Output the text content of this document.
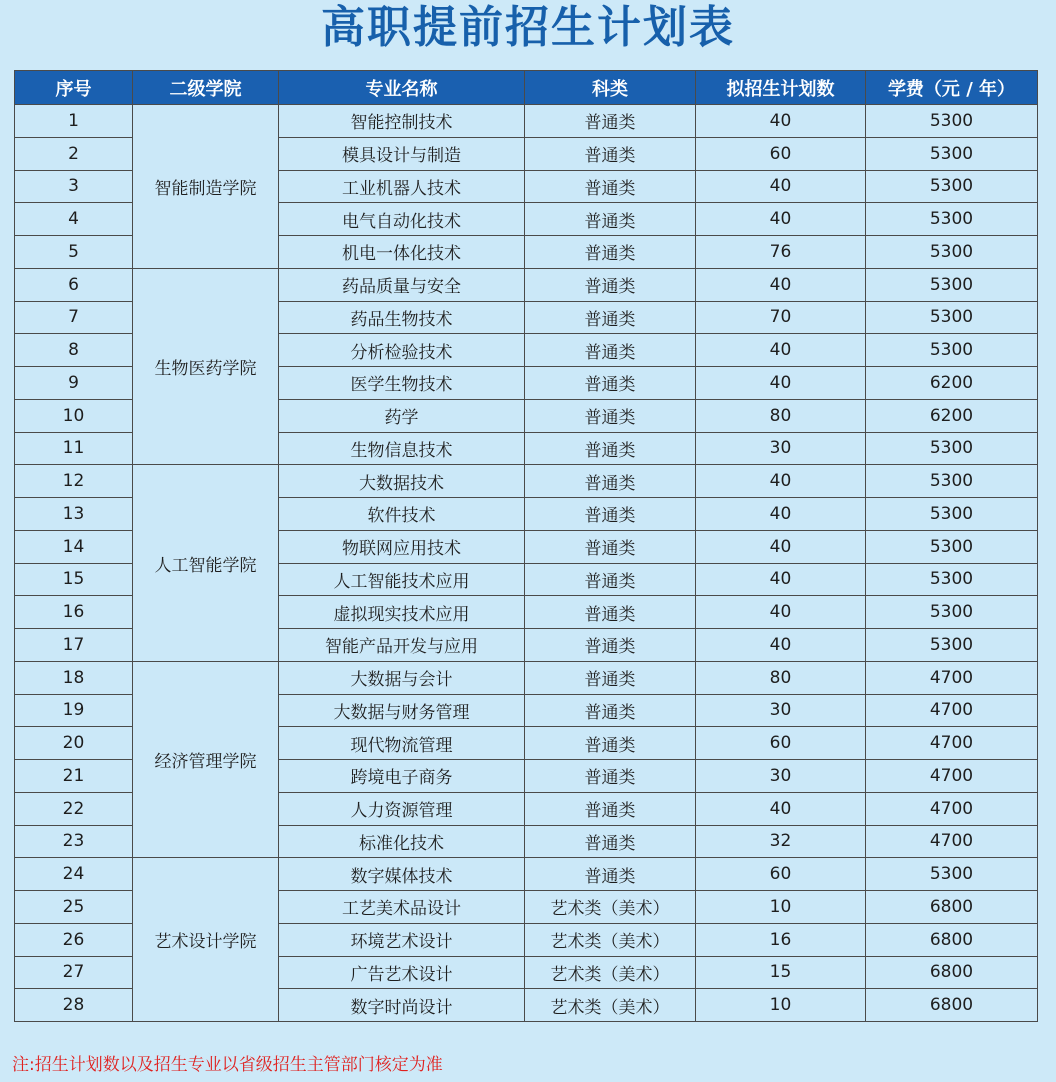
高职提前招生计划表
序号	二级学院	专业名称	科类	拟招生计划数	学费（元 / 年）
1	智能制造学院	智能控制技术	普通类	40	5300
2		模具设计与制造	普通类	60	5300
3		工业机器人技术	普通类	40	5300
4		电气自动化技术	普通类	40	5300
5		机电一体化技术	普通类	76	5300
6	生物医药学院	药品质量与安全	普通类	40	5300
7		药品生物技术	普通类	70	5300
8		分析检验技术	普通类	40	5300
9		医学生物技术	普通类	40	6200
10		药学	普通类	80	6200
11		生物信息技术	普通类	30	5300
12	人工智能学院	大数据技术	普通类	40	5300
13		软件技术	普通类	40	5300
14		物联网应用技术	普通类	40	5300
15		人工智能技术应用	普通类	40	5300
16		虚拟现实技术应用	普通类	40	5300
17		智能产品开发与应用	普通类	40	5300
18	经济管理学院	大数据与会计	普通类	80	4700
19		大数据与财务管理	普通类	30	4700
20		现代物流管理	普通类	60	4700
21		跨境电子商务	普通类	30	4700
22		人力资源管理	普通类	40	4700
23		标准化技术	普通类	32	4700
24	艺术设计学院	数字媒体技术	普通类	60	5300
25		工艺美术品设计	艺术类（美术）	10	6800
26		环境艺术设计	艺术类（美术）	16	6800
27		广告艺术设计	艺术类（美术）	15	6800
28		数字时尚设计	艺术类（美术）	10	6800
注:招生计划数以及招生专业以省级招生主管部门核定为准
